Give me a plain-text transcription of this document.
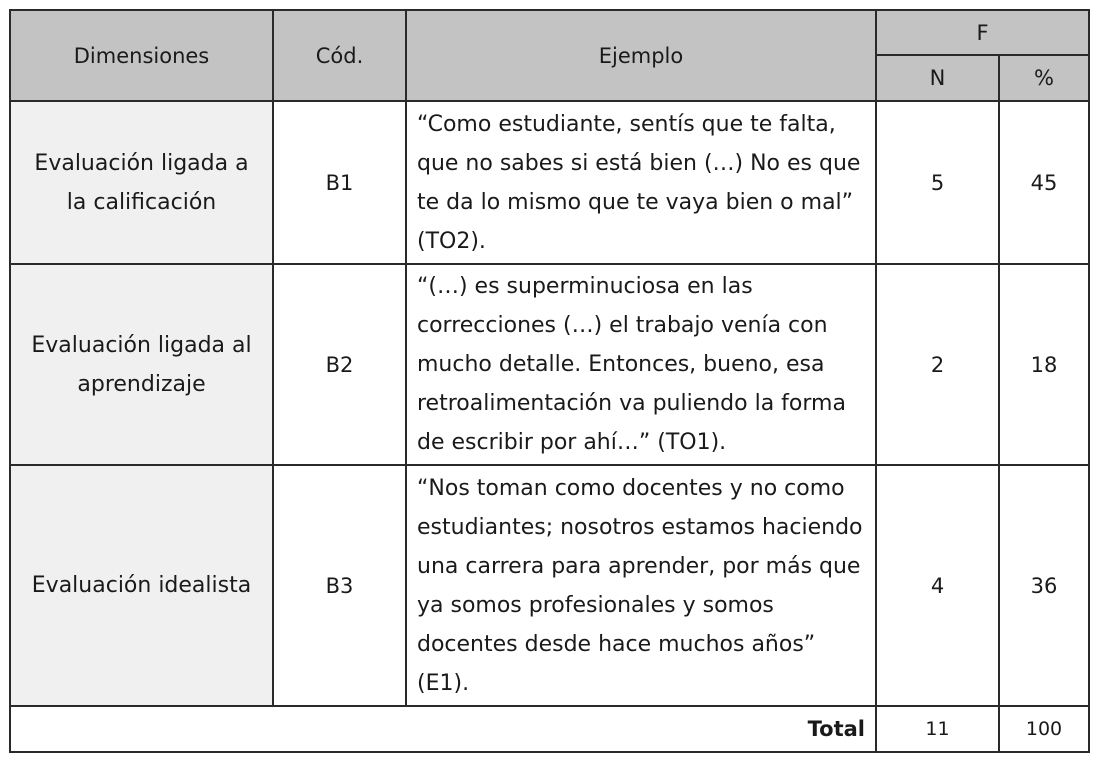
Dimensiones	Cód.	Ejemplo	F	
			N	%
Evaluación ligada a la calificación	B1	“Como estudiante, sentís que te falta, que no sabes si está bien (…) No es que te da lo mismo que te vaya bien o mal” (TO2).	5	45
Evaluación ligada al aprendizaje	B2	“(…) es superminuciosa en las correcciones (…) el trabajo venía con mucho detalle. Entonces, bueno, esa retroalimentación va puliendo la forma de escribir por ahí…” (TO1).	2	18
Evaluación idealista	B3	“Nos toman como docentes y no como estudiantes; nosotros estamos haciendo una carrera para aprender, por más que ya somos profesionales y somos docentes desde hace muchos años” (E1).	4	36
Total			11	100
